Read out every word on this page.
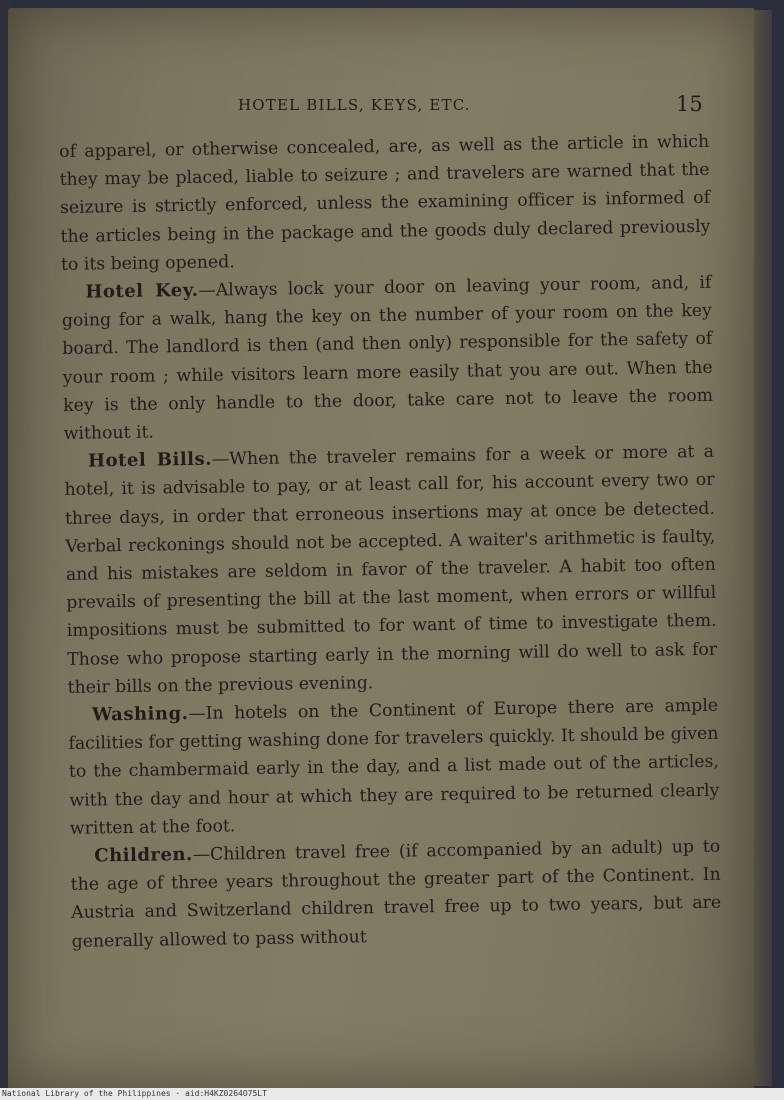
HOTEL BILLS, KEYS, ETC.	15

of apparel, or otherwise concealed, are, as well as the article in which they may be placed, liable to seizure ; and travelers are warned that the seizure is strictly enforced, unless the examining officer is informed of the articles being in the package and the goods duly declared previously to its being opened.

Hotel Key.—Always lock your door on leaving your room, and, if going for a walk, hang the key on the number of your room on the key board. The landlord is then (and then only) responsible for the safety of your room ; while visitors learn more easily that you are out. When the key is the only handle to the door, take care not to leave the room without it.

Hotel Bills.—When the traveler remains for a week or more at a hotel, it is advisable to pay, or at least call for, his account every two or three days, in order that erroneous insertions may at once be detected. Verbal reckonings should not be accepted. A waiter's arithmetic is faulty, and his mistakes are seldom in favor of the traveler. A habit too often prevails of presenting the bill at the last moment, when errors or willful impositions must be submitted to for want of time to investigate them. Those who propose starting early in the morning will do well to ask for their bills on the previous evening.

Washing.—In hotels on the Continent of Europe there are ample facilities for getting washing done for travelers quickly. It should be given to the chambermaid early in the day, and a list made out of the articles, with the day and hour at which they are required to be returned clearly written at the foot.

Children.—Children travel free (if accompanied by an adult) up to the age of three years throughout the greater part of the Continent. In Austria and Switzerland children travel free up to two years, but are generally allowed to pass without

National Library of the Philippines · aid:H4KZ0264O75LT
